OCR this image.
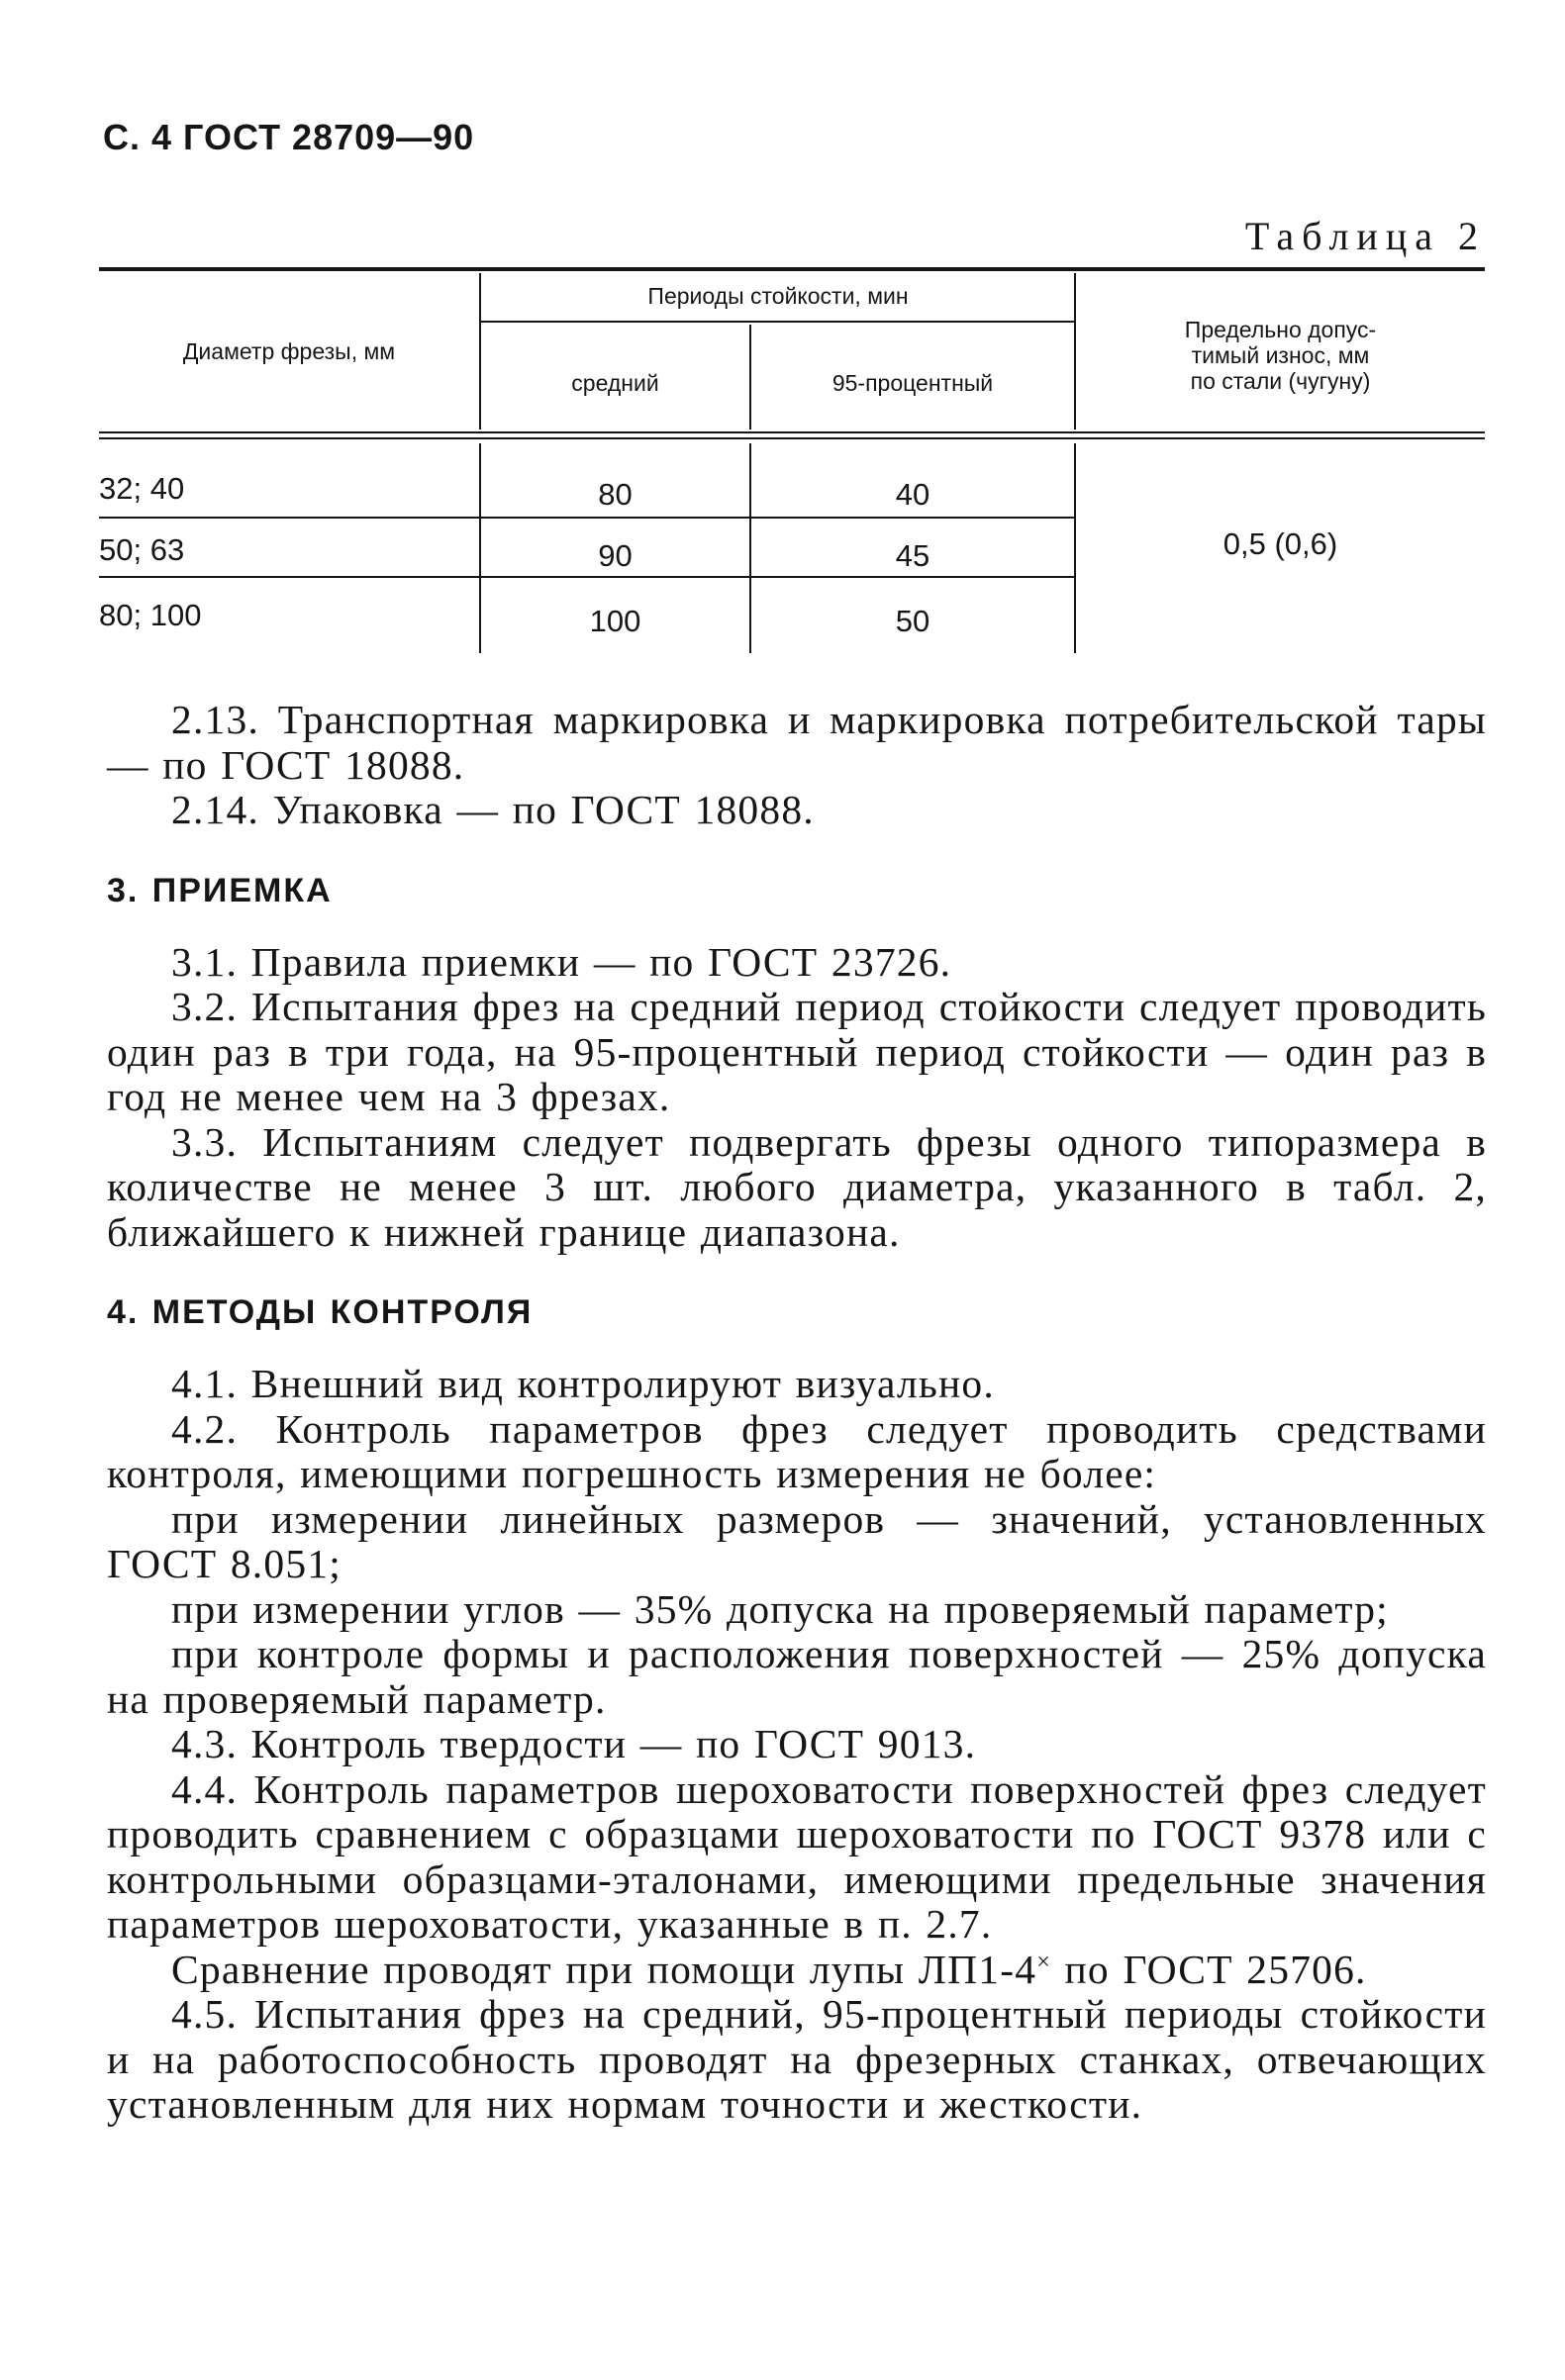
С. 4 ГОСТ 28709—90
Таблица 2
Диаметр фрезы, мм
Периоды стойкости, мин
средний	95-процентный
Предельно допус-
тимый износ, мм
по стали (чугуну)
32; 40	80	40
50; 63	90	45
80; 100	100	50
0,5 (0,6)

2.13. Транспортная маркировка и маркировка потребительской тары — по ГОСТ 18088.

2.14. Упаковка — по ГОСТ 18088.

3. ПРИЕМКА

3.1. Правила приемки — по ГОСТ 23726.

3.2. Испытания фрез на средний период стойкости следует проводить один раз в три года, на 95-процентный период стойкости — один раз в год не менее чем на 3 фрезах.

3.3. Испытаниям следует подвергать фрезы одного типоразмера в количестве не менее 3 шт. любого диаметра, указанного в табл. 2, ближайшего к нижней границе диапазона.

4. МЕТОДЫ КОНТРОЛЯ

4.1. Внешний вид контролируют визуально.

4.2. Контроль параметров фрез следует проводить средствами контроля, имеющими погрешность измерения не более:

при измерении линейных размеров — значений, установленных ГОСТ 8.051;

при измерении углов — 35% допуска на проверяемый параметр;

при контроле формы и расположения поверхностей — 25% допуска на проверяемый параметр.

4.3. Контроль твердости — по ГОСТ 9013.

4.4. Контроль параметров шероховатости поверхностей фрез следует проводить сравнением с образцами шероховатости по ГОСТ 9378 или с контрольными образцами-эталонами, имеющими предельные значения параметров шероховатости, указанные в п. 2.7.

Сравнение проводят при помощи лупы ЛП1-4× по ГОСТ 25706.

4.5. Испытания фрез на средний, 95-процентный периоды стойкости и на работоспособность проводят на фрезерных станках, отвечающих установленным для них нормам точности и жесткости.
